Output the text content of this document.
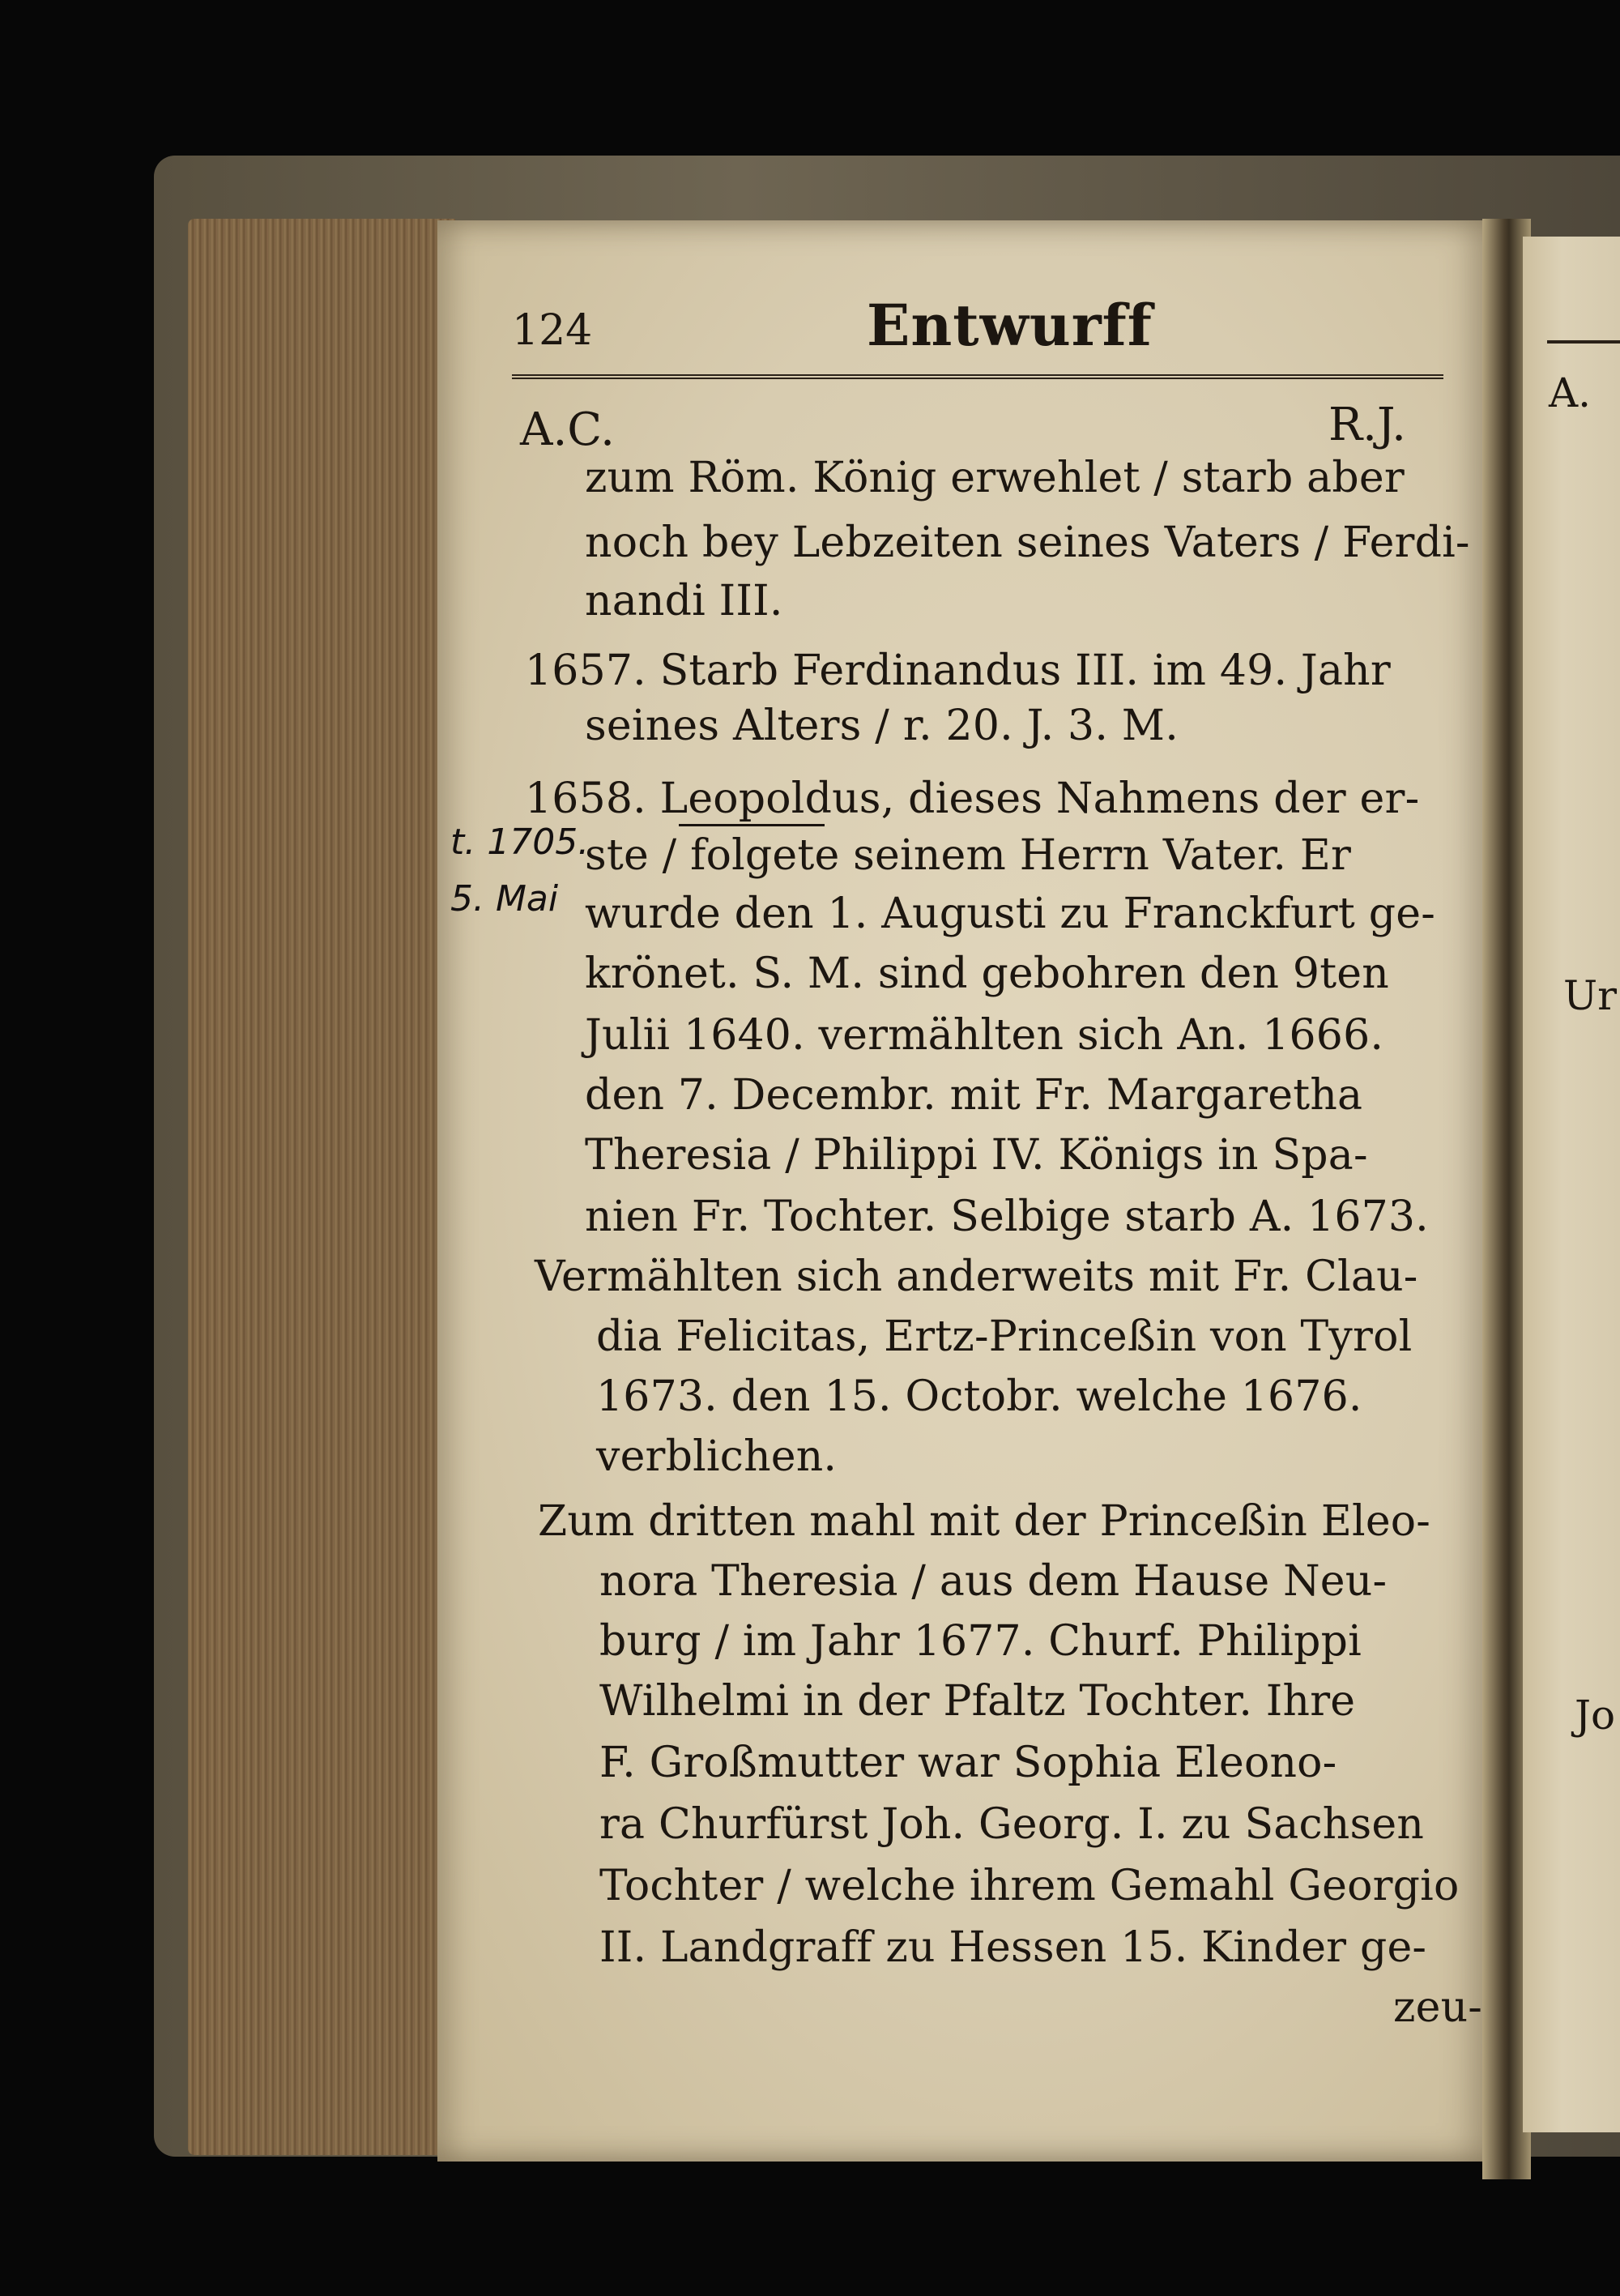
124	Entwurff
A.C.	R.J.
zum Röm. König erwehlet / starb aber
noch bey Lebzeiten seines Vaters / Ferdi-
nandi III.
1657. Starb Ferdinandus III. im 49. Jahr
seines Alters / r. 20. J. 3. M.
1658. Leopoldus, dieses Nahmens der er-
ste / folgete seinem Herrn Vater. Er
wurde den 1. Augusti zu Franckfurt ge-
krönet. S. M. sind gebohren den 9ten
Julii 1640. vermählten sich An. 1666.
den 7. Decembr. mit Fr. Margaretha
Theresia / Philippi IV. Königs in Spa-
nien Fr. Tochter. Selbige starb A. 1673.
Vermählten sich anderweits mit Fr. Clau-
dia Felicitas, Ertz-Princeßin von Tyrol
1673. den 15. Octobr. welche 1676.
verblichen.
Zum dritten mahl mit der Princeßin Eleo-
nora Theresia / aus dem Hause Neu-
burg / im Jahr 1677. Churf. Philippi
Wilhelmi in der Pfaltz Tochter. Ihre
F. Großmutter war Sophia Eleono-
ra Churfürst Joh. Georg. I. zu Sachsen
Tochter / welche ihrem Gemahl Georgio
II. Landgraff zu Hessen 15. Kinder ge-
zeu-
t. 1705.
5. Mai
A.
Ur
Jo
